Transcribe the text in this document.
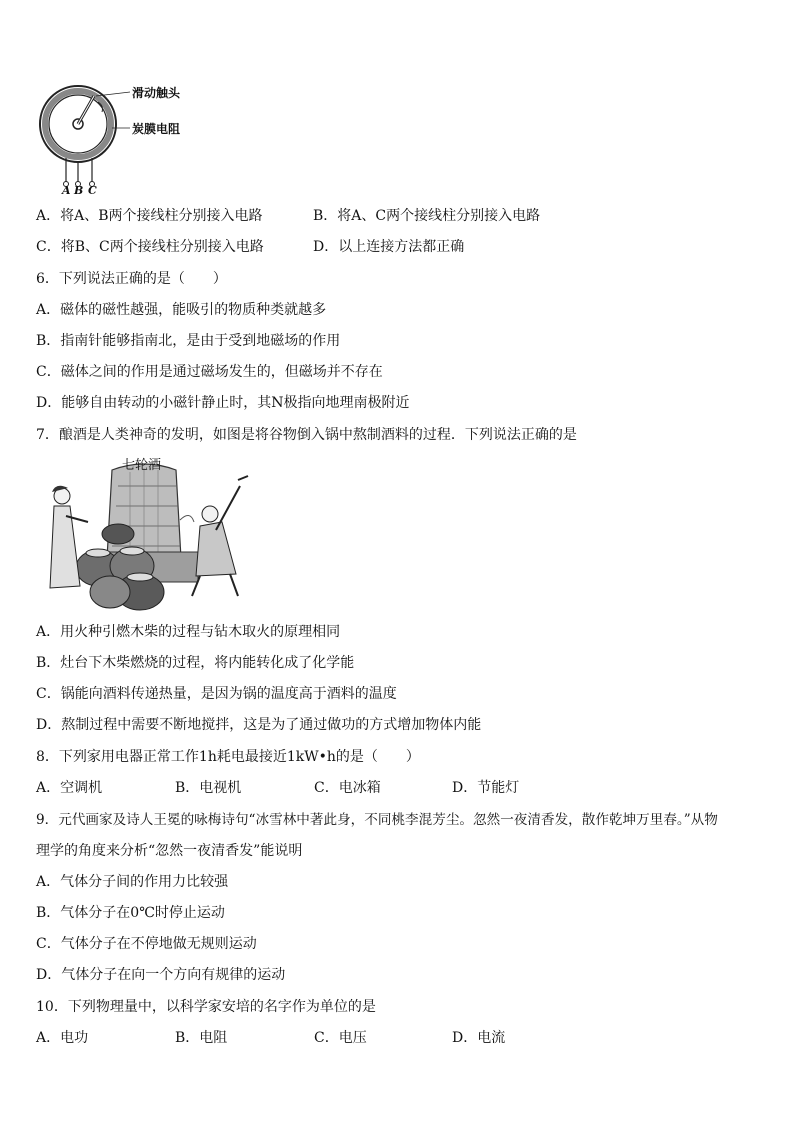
滑动触头
炭膜电阻
A B C
A．将A、B两个接线柱分别接入电路	B．将A、C两个接线柱分别接入电路
C．将B、C两个接线柱分别接入电路	D．以上连接方法都正确
6．下列说法正确的是（　　）
A．磁体的磁性越强，能吸引的物质种类就越多
B．指南针能够指南北，是由于受到地磁场的作用
C．磁体之间的作用是通过磁场发生的，但磁场并不存在
D．能够自由转动的小磁针静止时，其N极指向地理南极附近
7．酿酒是人类神奇的发明，如图是将谷物倒入锅中熬制酒料的过程．下列说法正确的是
七轮酒
A．用火种引燃木柴的过程与钻木取火的原理相同
B．灶台下木柴燃烧的过程，将内能转化成了化学能
C．锅能向酒料传递热量，是因为锅的温度高于酒料的温度
D．熬制过程中需要不断地搅拌，这是为了通过做功的方式增加物体内能
8．下列家用电器正常工作1h耗电最接近1kW•h的是（　　）
A．空调机	B．电视机	C．电冰箱	D．节能灯
9．元代画家及诗人王冕的咏梅诗句“冰雪林中著此身，不同桃李混芳尘。忽然一夜清香发，散作乾坤万里春。”从物
理学的角度来分析“忽然一夜清香发”能说明
A．气体分子间的作用力比较强
B．气体分子在0℃时停止运动
C．气体分子在不停地做无规则运动
D．气体分子在向一个方向有规律的运动
10．下列物理量中，以科学家安培的名字作为单位的是
A．电功	B．电阻	C．电压	D．电流
